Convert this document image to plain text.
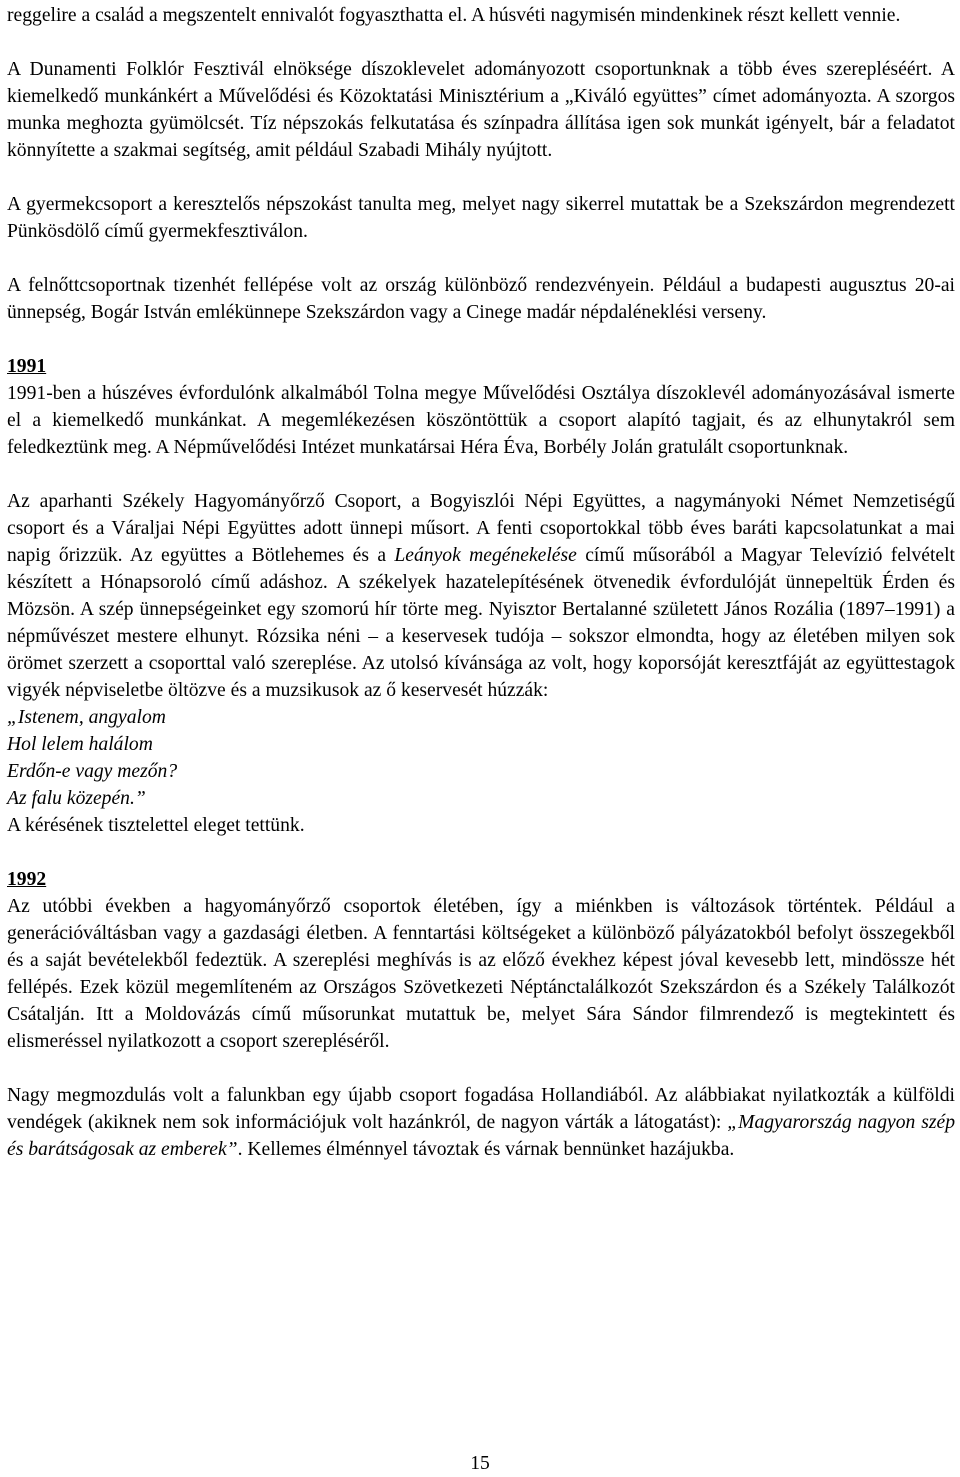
reggelire a család a megszentelt ennivalót fogyaszthatta el. A húsvéti nagymisén mindenkinek részt kellett vennie.

A Dunamenti Folklór Fesztivál elnöksége díszoklevelet adományozott csoportunknak a több éves szerepléséért. A kiemelkedő munkánkért a Művelődési és Közoktatási Minisztérium a „Kiváló együttes” címet adományozta. A szorgos munka meghozta gyümölcsét. Tíz népszokás felkutatása és színpadra állítása igen sok munkát igényelt, bár a feladatot könnyítette a szakmai segítség, amit például Szabadi Mihály nyújtott.

A gyermekcsoport a keresztelős népszokást tanulta meg, melyet nagy sikerrel mutattak be a Szekszárdon megrendezett Pünkösdölő című gyermekfesztiválon.

A felnőttcsoportnak tizenhét fellépése volt az ország különböző rendezvényein. Például a budapesti augusztus 20-ai ünnepség, Bogár István emlékünnepe Szekszárdon vagy a Cinege madár népdaléneklési verseny.

1991

1991-ben a húszéves évfordulónk alkalmából Tolna megye Művelődési Osztálya díszoklevél adományozásával ismerte el a kiemelkedő munkánkat. A megemlékezésen köszöntöttük a csoport alapító tagjait, és az elhunytakról sem feledkeztünk meg. A Népművelődési Intézet munkatársai Héra Éva, Borbély Jolán gratulált csoportunknak.

Az aparhanti Székely Hagyományőrző Csoport, a Bogyiszlói Népi Együttes, a nagymányoki Német Nemzetiségű csoport és a Váraljai Népi Együttes adott ünnepi műsort. A fenti csoportokkal több éves baráti kapcsolatunkat a mai napig őrizzük. Az együttes a Bötlehemes és a Leányok megénekelése című műsorából a Magyar Televízió felvételt készített a Hónapsoroló című adáshoz. A székelyek hazatelepítésének ötvenedik évfordulóját ünnepeltük Érden és Mözsön. A szép ünnepségeinket egy szomorú hír törte meg. Nyisztor Bertalanné született János Rozália (1897–1991) a népművészet mestere elhunyt. Rózsika néni – a keservesek tudója – sokszor elmondta, hogy az életében milyen sok örömet szerzett a csoporttal való szereplése. Az utolsó kívánsága az volt, hogy koporsóját keresztfáját az együttestagok vigyék népviseletbe öltözve és a muzsikusok az ő keservesét húzzák:

„Istenem, angyalom
Hol lelem halálom
Erdőn-e vagy mezőn?
Az falu közepén.”

A kérésének tisztelettel eleget tettünk.

1992

Az utóbbi években a hagyományőrző csoportok életében, így a miénkben is változások történtek. Például a generációváltásban vagy a gazdasági életben. A fenntartási költségeket a különböző pályázatokból befolyt összegekből és a saját bevételekből fedeztük. A szereplési meghívás is az előző évekhez képest jóval kevesebb lett, mindössze hét fellépés. Ezek közül megemlíteném az Országos Szövetkezeti Néptánctalálkozót Szekszárdon és a Székely Találkozót Csátalján. Itt a Moldovázás című műsorunkat mutattuk be, melyet Sára Sándor filmrendező is megtekintett és elismeréssel nyilatkozott a csoport szerepléséről.

Nagy megmozdulás volt a falunkban egy újabb csoport fogadása Hollandiából. Az alábbiakat nyilatkozták a külföldi vendégek (akiknek nem sok információjuk volt hazánkról, de nagyon várták a látogatást): „Magyarország nagyon szép és barátságosak az emberek”. Kellemes élménnyel távoztak és várnak bennünket hazájukba.

15
